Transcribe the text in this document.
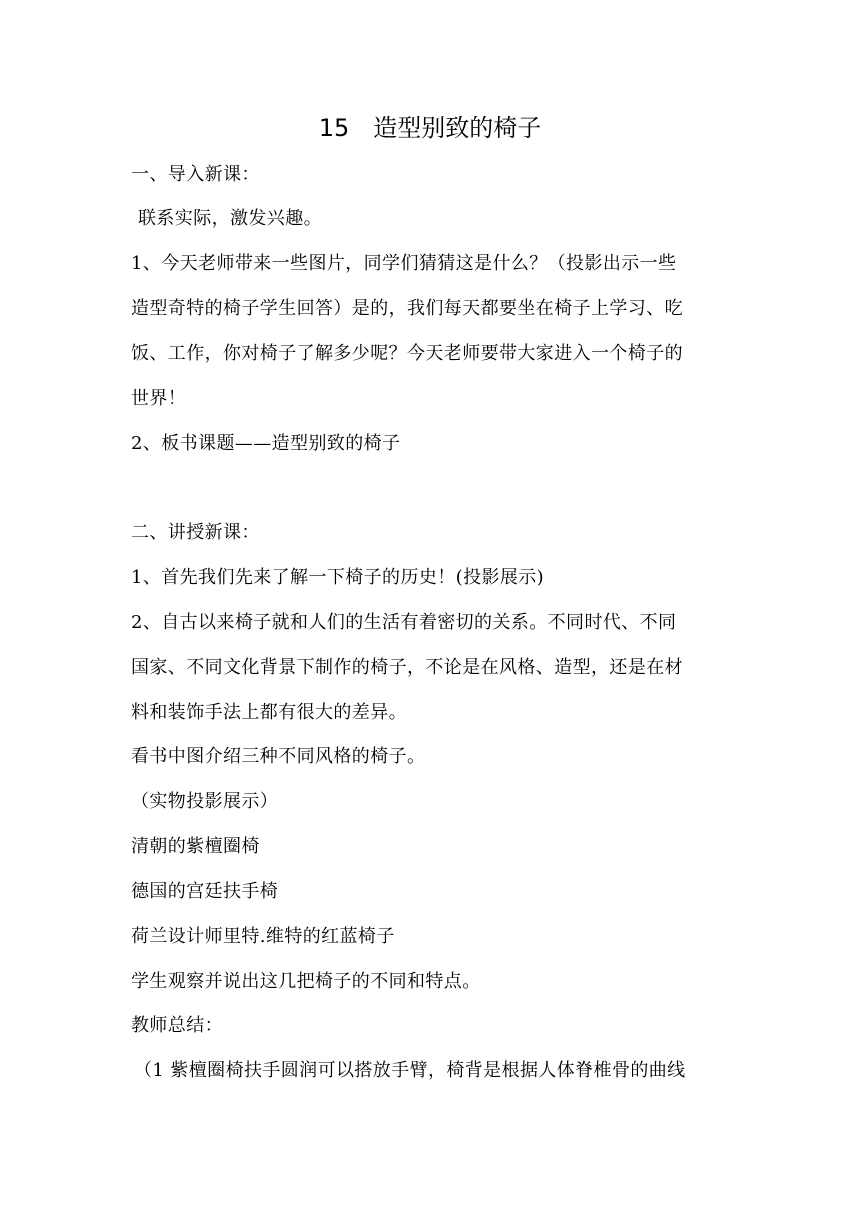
15　造型别致的椅子
一、导入新课：
联系实际，激发兴趣。
1、今天老师带来一些图片，同学们猜猜这是什么？（投影出示一些
造型奇特的椅子学生回答）是的，我们每天都要坐在椅子上学习、吃
饭、工作，你对椅子了解多少呢？今天老师要带大家进入一个椅子的
世界！
2、板书课题——造型别致的椅子
二、讲授新课：
1、首先我们先来了解一下椅子的历史！(投影展示)
2、自古以来椅子就和人们的生活有着密切的关系。不同时代、不同
国家、不同文化背景下制作的椅子，不论是在风格、造型，还是在材
料和装饰手法上都有很大的差异。
看书中图介绍三种不同风格的椅子。
（实物投影展示）
清朝的紫檀圈椅
德国的宫廷扶手椅
荷兰设计师里特.维特的红蓝椅子
学生观察并说出这几把椅子的不同和特点。
教师总结：
（1 紫檀圈椅扶手圆润可以搭放手臂，椅背是根据人体脊椎骨的曲线
